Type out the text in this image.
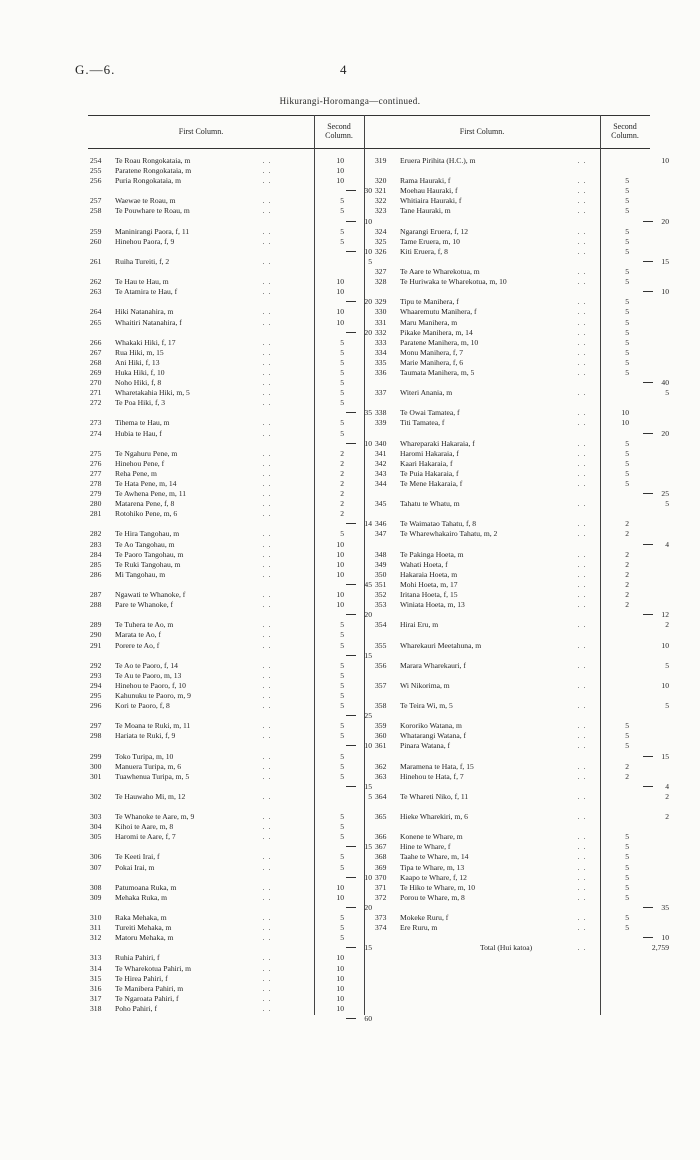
G.—6.	4
Hikurangi-Horomanga—continued.
First Column.
Second
Column.	First Column.
Second
Column.
254 Te Roau Rongokataia, m	. .	10
255 Paratene Rongokataia, m	. .	10
256 Puria Rongokataia, m	. .	10
30
257 Waewae te Roau, m	. .	5
258 Te Pouwhare te Roau, m	. .	5
10
259 Maninirangi Paora, f, 11	. .	5
260 Hinehou Paora, f, 9	. .	5
10
261 Ruiha Tureiti, f, 2	. .	5
262 Te Hau te Hau, m	. .	10
263 Te Atamira te Hau, f	. .	10
20
264 Hiki Natanahira, m	. .	10
265 Whaitiri Natanahira, f	. .	10
20
266 Whakaki Hiki, f, 17	. .	5
267 Rua Hiki, m, 15	. .	5
268 Ani Hiki, f, 13	. .	5
269 Huka Hiki, f, 10	. .	5
270 Noho Hiki, f, 8	. .	5
271 Wharetakahia Hiki, m, 5	. .	5
272 Te Poa Hiki, f, 3	. .	5
35
273 Tihema te Hau, m	. .	5
274 Hubia te Hau, f	. .	5
10
275 Te Ngahuru Pene, m	. .	2
276 Hinehou Pene, f	. .	2
277 Reha Pene, m	. .	2
278 Te Hata Pene, m, 14	. .	2
279 Te Awhena Pene, m, 11	. .	2
280 Matarena Pene, f, 8	. .	2
281 Rotohiko Pene, m, 6	. .	2
14
282 Te Hira Tangohau, m	. .	5
283 Te Ao Tangohau, m	. .	10
284 Te Paoro Tangohau, m	. .	10
285 Te Ruki Tangohau, m	. .	10
286 Mi Tangohau, m	. .	10
45
287 Ngawati te Whanoke, f	. .	10
288 Pare te Whanoke, f	. .	10
20
289 Te Tuhera te Ao, m	. .	5
290 Marata te Ao, f	. .	5
291 Porere te Ao, f	. .	5
15
292 Te Ao te Paoro, f, 14	. .	5
293 Te Au te Paoro, m, 13	. .	5
294 Hinehou te Paoro, f, 10	. .	5
295 Kahunuku te Paoro, m, 9	. .	5
296 Kori te Paoro, f, 8	. .	5
25
297 Te Moana te Ruki, m, 11	. .	5
298 Hariata te Ruki, f, 9	. .	5
10
299 Toko Turipa, m, 10	. .	5
300 Manuera Turipa, m, 6	. .	5
301 Tuawhenua Turipa, m, 5	. .	5
15
302 Te Hauwaho Mi, m, 12	. .	5
303 Te Whanoke te Aare, m, 9	. .	5
304 Kihoi te Aare, m, 8	. .	5
305 Haromi te Aare, f, 7	. .	5
15
306 Te Keeti Irai, f	. .	5
307 Pokai Irai, m	. .	5
10
308 Patumoana Ruka, m	. .	10
309 Mehaka Ruka, m	. .	10
20
310 Raka Mehaka, m	. .	5
311 Tureiti Mehaka, m	. .	5
312 Matoru Mehaka, m	. .	5
15
313 Ruhia Pahiri, f	. .	10
314 Te Wharekotua Pahiri, m	. .	10
315 Te Hirea Pahiri, f	. .	10
316 Te Manibera Pahiri, m	. .	10
317 Te Ngaroata Pahiri, f	. .	10
318 Poho Pahiri, f	. .	10
60
319 Eruera Pirihita (H.C.), m	. .	10
320 Rama Hauraki, f	. .	5
321 Moehau Hauraki, f	. .	5
322 Whitiaira Hauraki, f	. .	5
323 Tane Hauraki, m	. .	5
20
324 Ngarangi Eruera, f, 12	. .	5
325 Tame Eruera, m, 10	. .	5
326 Kiti Eruera, f, 8	. .	5
15
327 Te Aare te Wharekotua, m	. .	5
328 Te Huriwaka te Wharekotua, m, 10	. .	5
10
329 Tipu te Manihera, f	. .	5
330 Whaaremutu Manihera, f	. .	5
331 Maru Manihera, m	. .	5
332 Pikake Manihera, m, 14	. .	5
333 Paratene Manihera, m, 10	. .	5
334 Monu Manihera, f, 7	. .	5
335 Marie Manihera, f, 6	. .	5
336 Taumata Manihera, m, 5	. .	5
40
337 Witeri Anania, m	. .	5
338 Te Owai Tamatea, f	. .	10
339 Titi Tamatea, f	. .	10
20
340 Whareparaki Hakaraia, f	. .	5
341 Haromi Hakaraia, f	. .	5
342 Kaari Hakaraia, f	. .	5
343 Te Puia Hakaraia, f	. .	5
344 Te Mene Hakaraia, f	. .	5
25
345 Tahatu te Whatu, m	. .	5
346 Te Waimatao Tahatu, f, 8	. .	2
347 Te Wharewhakairo Tahatu, m, 2	. .	2
4
348 Te Pakinga Hoeta, m	. .	2
349 Wahati Hoeta, f	. .	2
350 Hakaraia Hoeta, m	. .	2
351 Mohi Hoeta, m, 17	. .	2
352 Iritana Hoeta, f, 15	. .	2
353 Winiata Hoeta, m, 13	. .	2
12
354 Hirai Eru, m	. .	2
355 Wharekauri Meetahuna, m	. .	10
356 Marara Wharekauri, f	. .	5
357 Wi Nikorima, m	. .	10
358 Te Teira Wi, m, 5	. .	5
359 Kororiko Watana, m	. .	5
360 Whatarangi Watana, f	. .	5
361 Pinara Watana, f	. .	5
15
362 Maramena te Hata, f, 15	. .	2
363 Hinehou te Hata, f, 7	. .	2
4
364 Te Whareti Niko, f, 11	. .	2
365 Hieke Wharekiri, m, 6	. .	2
366 Konene te Whare, m	. .	5
367 Hine te Whare, f	. .	5
368 Taahe te Whare, m, 14	. .	5
369 Tipa te Whare, m, 13	. .	5
370 Kaapo te Whare, f, 12	. .	5
371 Te Hiko te Whare, m, 10	. .	5
372 Porou te Whare, m, 8	. .	5
35
373 Mokeke Ruru, f	. .	5
374 Ere Ruru, m	. .	5
10
Total (Hui katoa)	. .	2,759
